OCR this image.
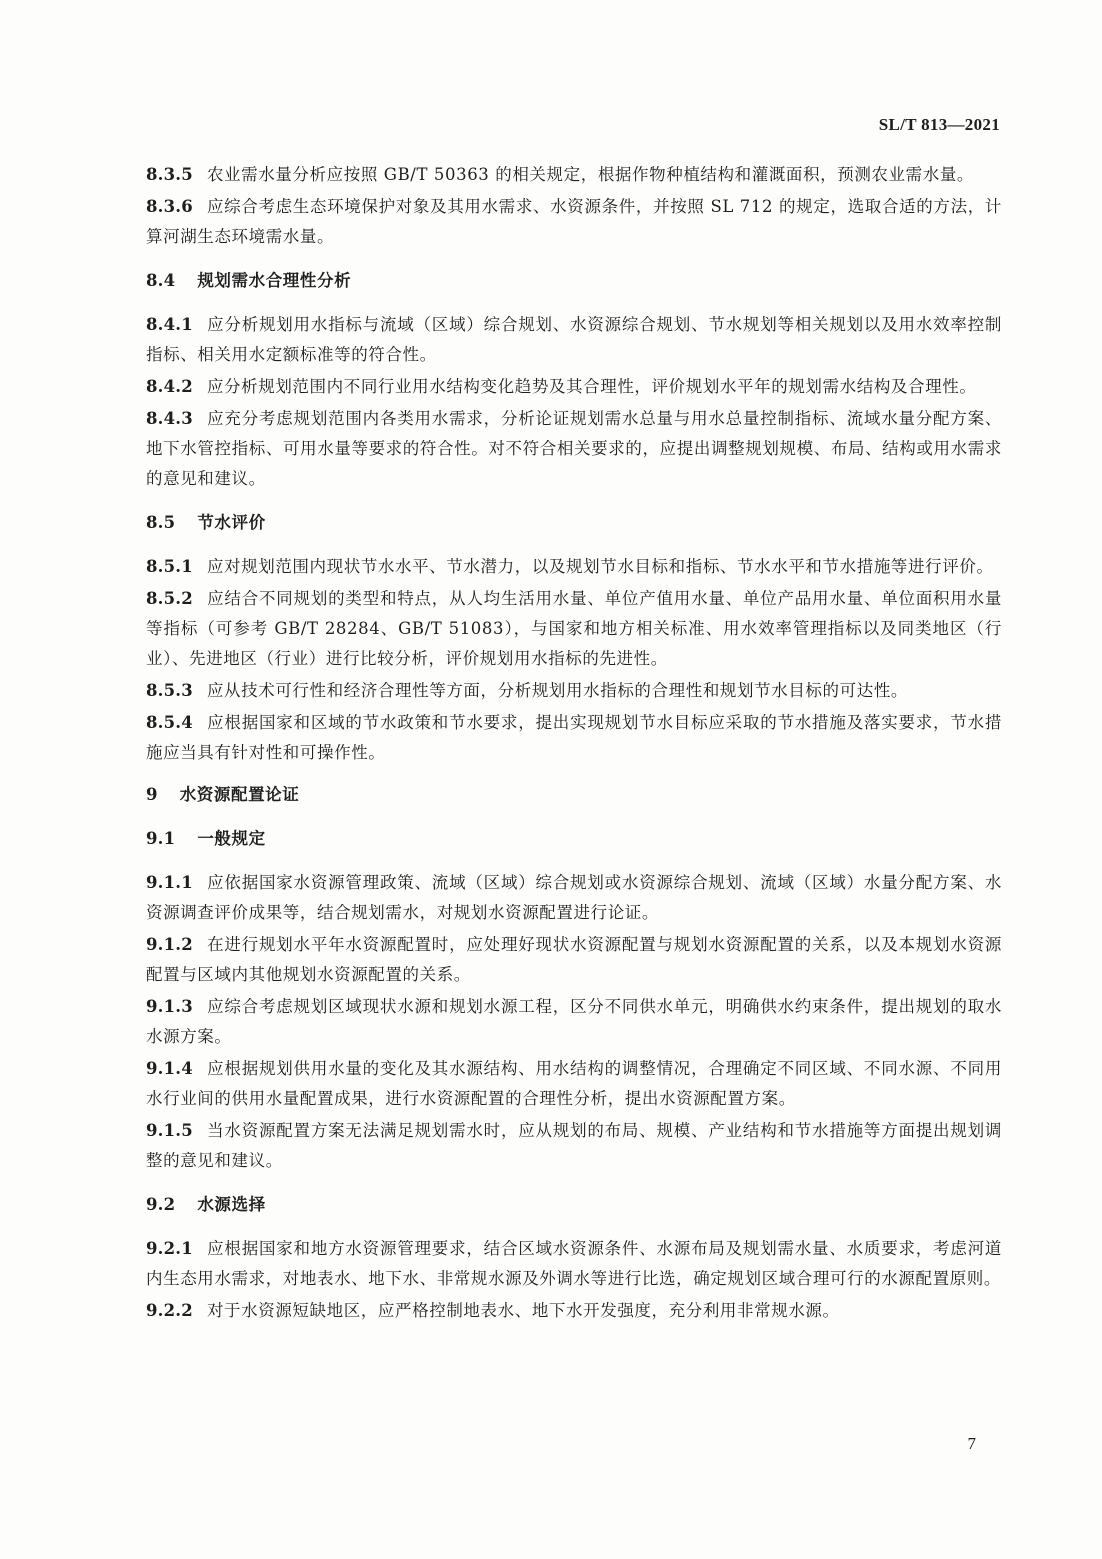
SL/T 813—2021

8.3.5 农业需水量分析应按照 GB/T 50363 的相关规定，根据作物种植结构和灌溉面积，预测农业需水量。

8.3.6 应综合考虑生态环境保护对象及其用水需求、水资源条件，并按照 SL 712 的规定，选取合适的方法，计算河湖生态环境需水量。

8.4 规划需水合理性分析

8.4.1 应分析规划用水指标与流域（区域）综合规划、水资源综合规划、节水规划等相关规划以及用水效率控制指标、相关用水定额标准等的符合性。

8.4.2 应分析规划范围内不同行业用水结构变化趋势及其合理性，评价规划水平年的规划需水结构及合理性。

8.4.3 应充分考虑规划范围内各类用水需求，分析论证规划需水总量与用水总量控制指标、流域水量分配方案、地下水管控指标、可用水量等要求的符合性。对不符合相关要求的，应提出调整规划规模、布局、结构或用水需求的意见和建议。

8.5 节水评价

8.5.1 应对规划范围内现状节水水平、节水潜力，以及规划节水目标和指标、节水水平和节水措施等进行评价。

8.5.2 应结合不同规划的类型和特点，从人均生活用水量、单位产值用水量、单位产品用水量、单位面积用水量等指标（可参考 GB/T 28284、GB/T 51083），与国家和地方相关标准、用水效率管理指标以及同类地区（行业）、先进地区（行业）进行比较分析，评价规划用水指标的先进性。

8.5.3 应从技术可行性和经济合理性等方面，分析规划用水指标的合理性和规划节水目标的可达性。

8.5.4 应根据国家和区域的节水政策和节水要求，提出实现规划节水目标应采取的节水措施及落实要求，节水措施应当具有针对性和可操作性。

9 水资源配置论证
9.1 一般规定

9.1.1 应依据国家水资源管理政策、流域（区域）综合规划或水资源综合规划、流域（区域）水量分配方案、水资源调查评价成果等，结合规划需水，对规划水资源配置进行论证。

9.1.2 在进行规划水平年水资源配置时，应处理好现状水资源配置与规划水资源配置的关系，以及本规划水资源配置与区域内其他规划水资源配置的关系。

9.1.3 应综合考虑规划区域现状水源和规划水源工程，区分不同供水单元，明确供水约束条件，提出规划的取水水源方案。

9.1.4 应根据规划供用水量的变化及其水源结构、用水结构的调整情况，合理确定不同区域、不同水源、不同用水行业间的供用水量配置成果，进行水资源配置的合理性分析，提出水资源配置方案。

9.1.5 当水资源配置方案无法满足规划需水时，应从规划的布局、规模、产业结构和节水措施等方面提出规划调整的意见和建议。

9.2 水源选择

9.2.1 应根据国家和地方水资源管理要求，结合区域水资源条件、水源布局及规划需水量、水质要求，考虑河道内生态用水需求，对地表水、地下水、非常规水源及外调水等进行比选，确定规划区域合理可行的水源配置原则。

9.2.2 对于水资源短缺地区，应严格控制地表水、地下水开发强度，充分利用非常规水源。

7
